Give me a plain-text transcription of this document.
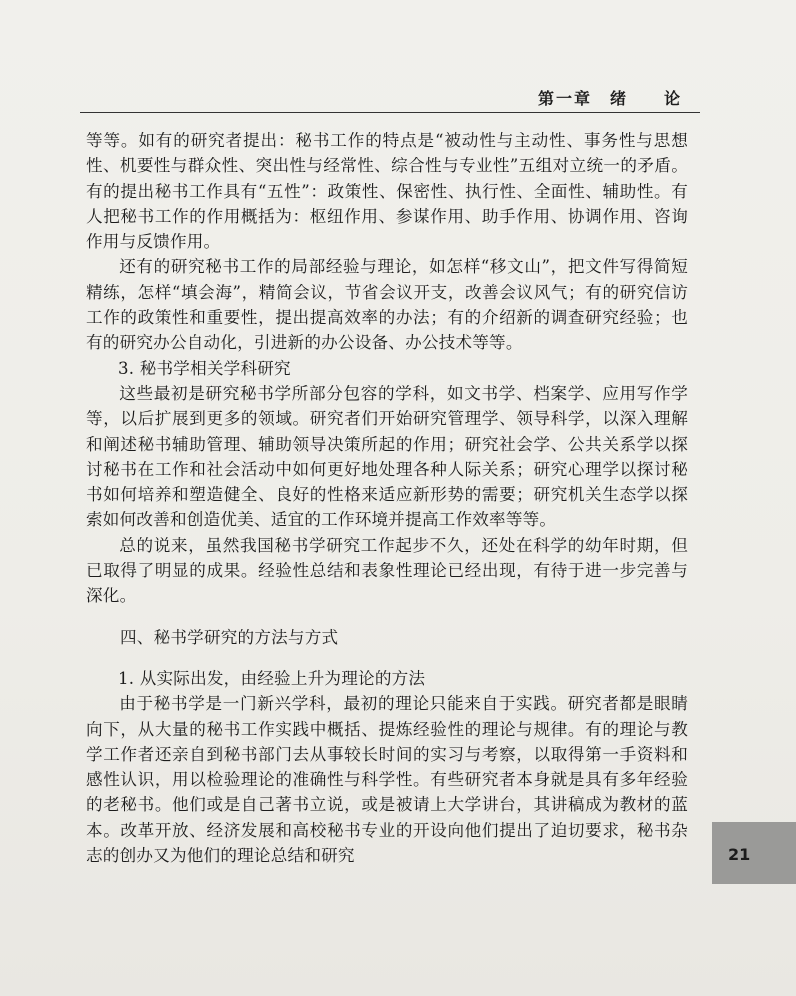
第一章　绪　　论

等等。如有的研究者提出：秘书工作的特点是“被动性与主动性、事务性与思想性、机要性与群众性、突出性与经常性、综合性与专业性”五组对立统一的矛盾。有的提出秘书工作具有“五性”：政策性、保密性、执行性、全面性、辅助性。有人把秘书工作的作用概括为：枢纽作用、参谋作用、助手作用、协调作用、咨询作用与反馈作用。

还有的研究秘书工作的局部经验与理论，如怎样“移文山”，把文件写得简短精练，怎样“填会海”，精简会议，节省会议开支，改善会议风气；有的研究信访工作的政策性和重要性，提出提高效率的办法；有的介绍新的调查研究经验；也有的研究办公自动化，引进新的办公设备、办公技术等等。

3. 秘书学相关学科研究

这些最初是研究秘书学所部分包容的学科，如文书学、档案学、应用写作学等，以后扩展到更多的领域。研究者们开始研究管理学、领导科学，以深入理解和阐述秘书辅助管理、辅助领导决策所起的作用；研究社会学、公共关系学以探讨秘书在工作和社会活动中如何更好地处理各种人际关系；研究心理学以探讨秘书如何培养和塑造健全、良好的性格来适应新形势的需要；研究机关生态学以探索如何改善和创造优美、适宜的工作环境并提高工作效率等等。

总的说来，虽然我国秘书学研究工作起步不久，还处在科学的幼年时期，但已取得了明显的成果。经验性总结和表象性理论已经出现，有待于进一步完善与深化。

四、秘书学研究的方法与方式

1. 从实际出发，由经验上升为理论的方法

由于秘书学是一门新兴学科，最初的理论只能来自于实践。研究者都是眼睛向下，从大量的秘书工作实践中概括、提炼经验性的理论与规律。有的理论与教学工作者还亲自到秘书部门去从事较长时间的实习与考察，以取得第一手资料和感性认识，用以检验理论的准确性与科学性。有些研究者本身就是具有多年经验的老秘书。他们或是自己著书立说，或是被请上大学讲台，其讲稿成为教材的蓝本。改革开放、经济发展和高校秘书专业的开设向他们提出了迫切要求，秘书杂志的创办又为他们的理论总结和研究	21
